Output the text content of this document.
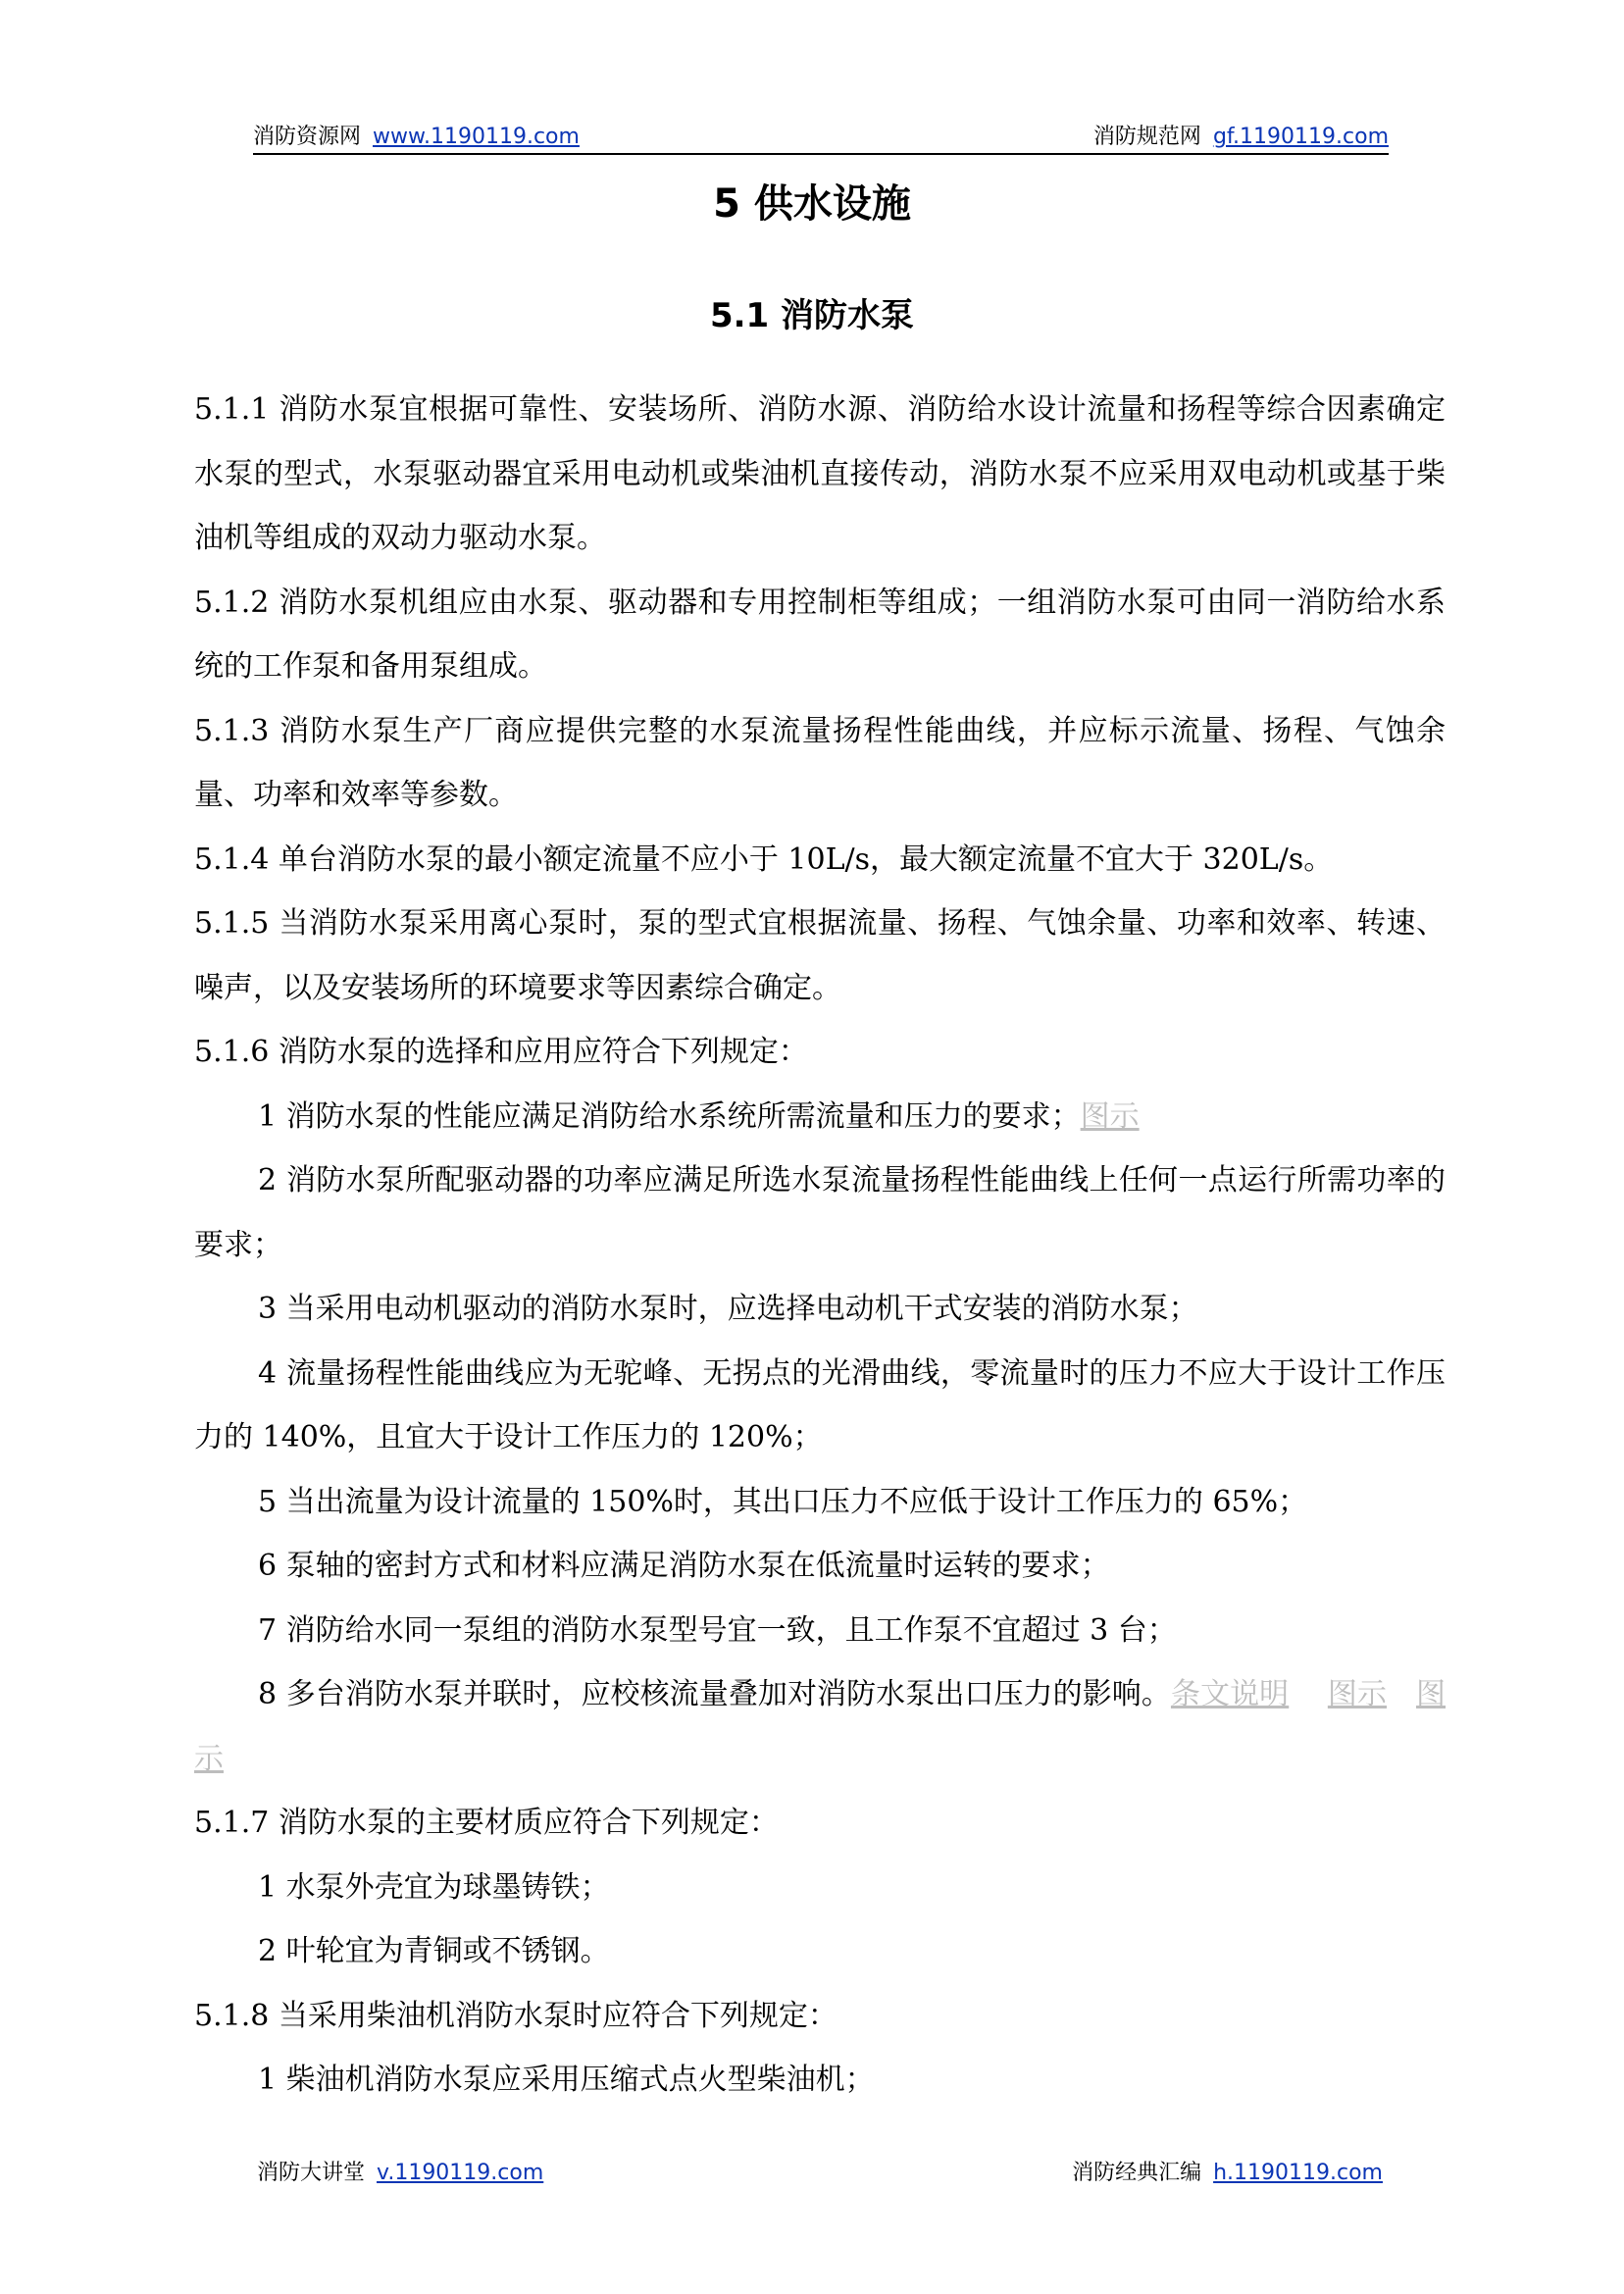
消防资源网 www.1190119.com	消防规范网 gf.1190119.com
5 供水设施
5.1 消防水泵

5.1.1 消防水泵宜根据可靠性、安装场所、消防水源、消防给水设计流量和扬程等综合因素确定水泵的型式，水泵驱动器宜采用电动机或柴油机直接传动，消防水泵不应采用双电动机或基于柴油机等组成的双动力驱动水泵。

5.1.2 消防水泵机组应由水泵、驱动器和专用控制柜等组成；一组消防水泵可由同一消防给水系统的工作泵和备用泵组成。

5.1.3 消防水泵生产厂商应提供完整的水泵流量扬程性能曲线，并应标示流量、扬程、气蚀余量、功率和效率等参数。

5.1.4 单台消防水泵的最小额定流量不应小于 10L/s，最大额定流量不宜大于 320L/s。

5.1.5 当消防水泵采用离心泵时，泵的型式宜根据流量、扬程、气蚀余量、功率和效率、转速、噪声，以及安装场所的环境要求等因素综合确定。

5.1.6 消防水泵的选择和应用应符合下列规定：

1 消防水泵的性能应满足消防给水系统所需流量和压力的要求；图示

2 消防水泵所配驱动器的功率应满足所选水泵流量扬程性能曲线上任何一点运行所需功率的要求；

3 当采用电动机驱动的消防水泵时，应选择电动机干式安装的消防水泵；

4 流量扬程性能曲线应为无驼峰、无拐点的光滑曲线，零流量时的压力不应大于设计工作压力的 140%，且宜大于设计工作压力的 120%；

5 当出流量为设计流量的 150%时，其出口压力不应低于设计工作压力的 65%；

6 泵轴的密封方式和材料应满足消防水泵在低流量时运转的要求；

7 消防给水同一泵组的消防水泵型号宜一致，且工作泵不宜超过 3 台；

8 多台消防水泵并联时，应校核流量叠加对消防水泵出口压力的影响。条文说明 图示 图示

5.1.7 消防水泵的主要材质应符合下列规定：

1 水泵外壳宜为球墨铸铁；

2 叶轮宜为青铜或不锈钢。

5.1.8 当采用柴油机消防水泵时应符合下列规定：

1 柴油机消防水泵应采用压缩式点火型柴油机；

消防大讲堂 v.1190119.com	消防经典汇编 h.1190119.com
